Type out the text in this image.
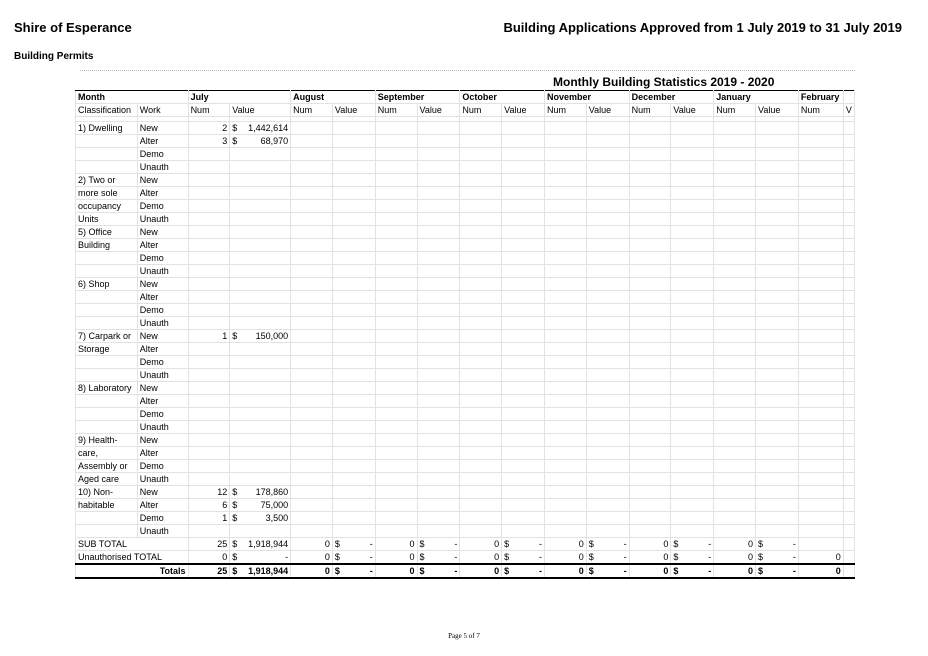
Shire of Esperance	Building Applications Approved from 1 July 2019 to 31 July 2019
Building Permits
Monthly Building Statistics 2019 - 2020
Month		July		August		September		October		November		December		January		February	
Classification	Work	Num	Value	Num	Value	Num	Value	Num	Value	Num	Value	Num	Value	Num	Value	Num	V

1) Dwelling	New	2	$ 1,442,614														

	Alter	3	$ 68,970														

	Demo																
	Unauth																
2) Two or	New																
more sole	Alter																
occupancy	Demo																
Units	Unauth																
5) Office	New																
Building	Alter																
	Demo																
	Unauth																
6) Shop	New																
	Alter																
	Demo																
	Unauth																
7) Carpark or	New	1	$ 150,000														

Storage	Alter																
	Demo																
	Unauth																
8) Laboratory	New																
	Alter																
	Demo																
	Unauth																
9) Health-	New																
care,	Alter																
Assembly or	Demo																
Aged care	Unauth																
10) Non-	New	12	$ 178,860														

habitable	Alter	6	$ 75,000														

	Demo	1	$ 3,500														

	Unauth																
SUB TOTAL		25	$ 1,918,944	0	$ -	0	$ -	0	$ -	0	$ -	0	$ -	0	$ -		

Unauthorised TOTAL		0	$ -	0	$ -	0	$ -	0	$ -	0	$ -	0	$ -	0	$ -	0	
Totals		25	$ 1,918,944	0	$ -	0	$ -	0	$ -	0	$ -	0	$ -	0	$ -	0	
Page 5 of 7
